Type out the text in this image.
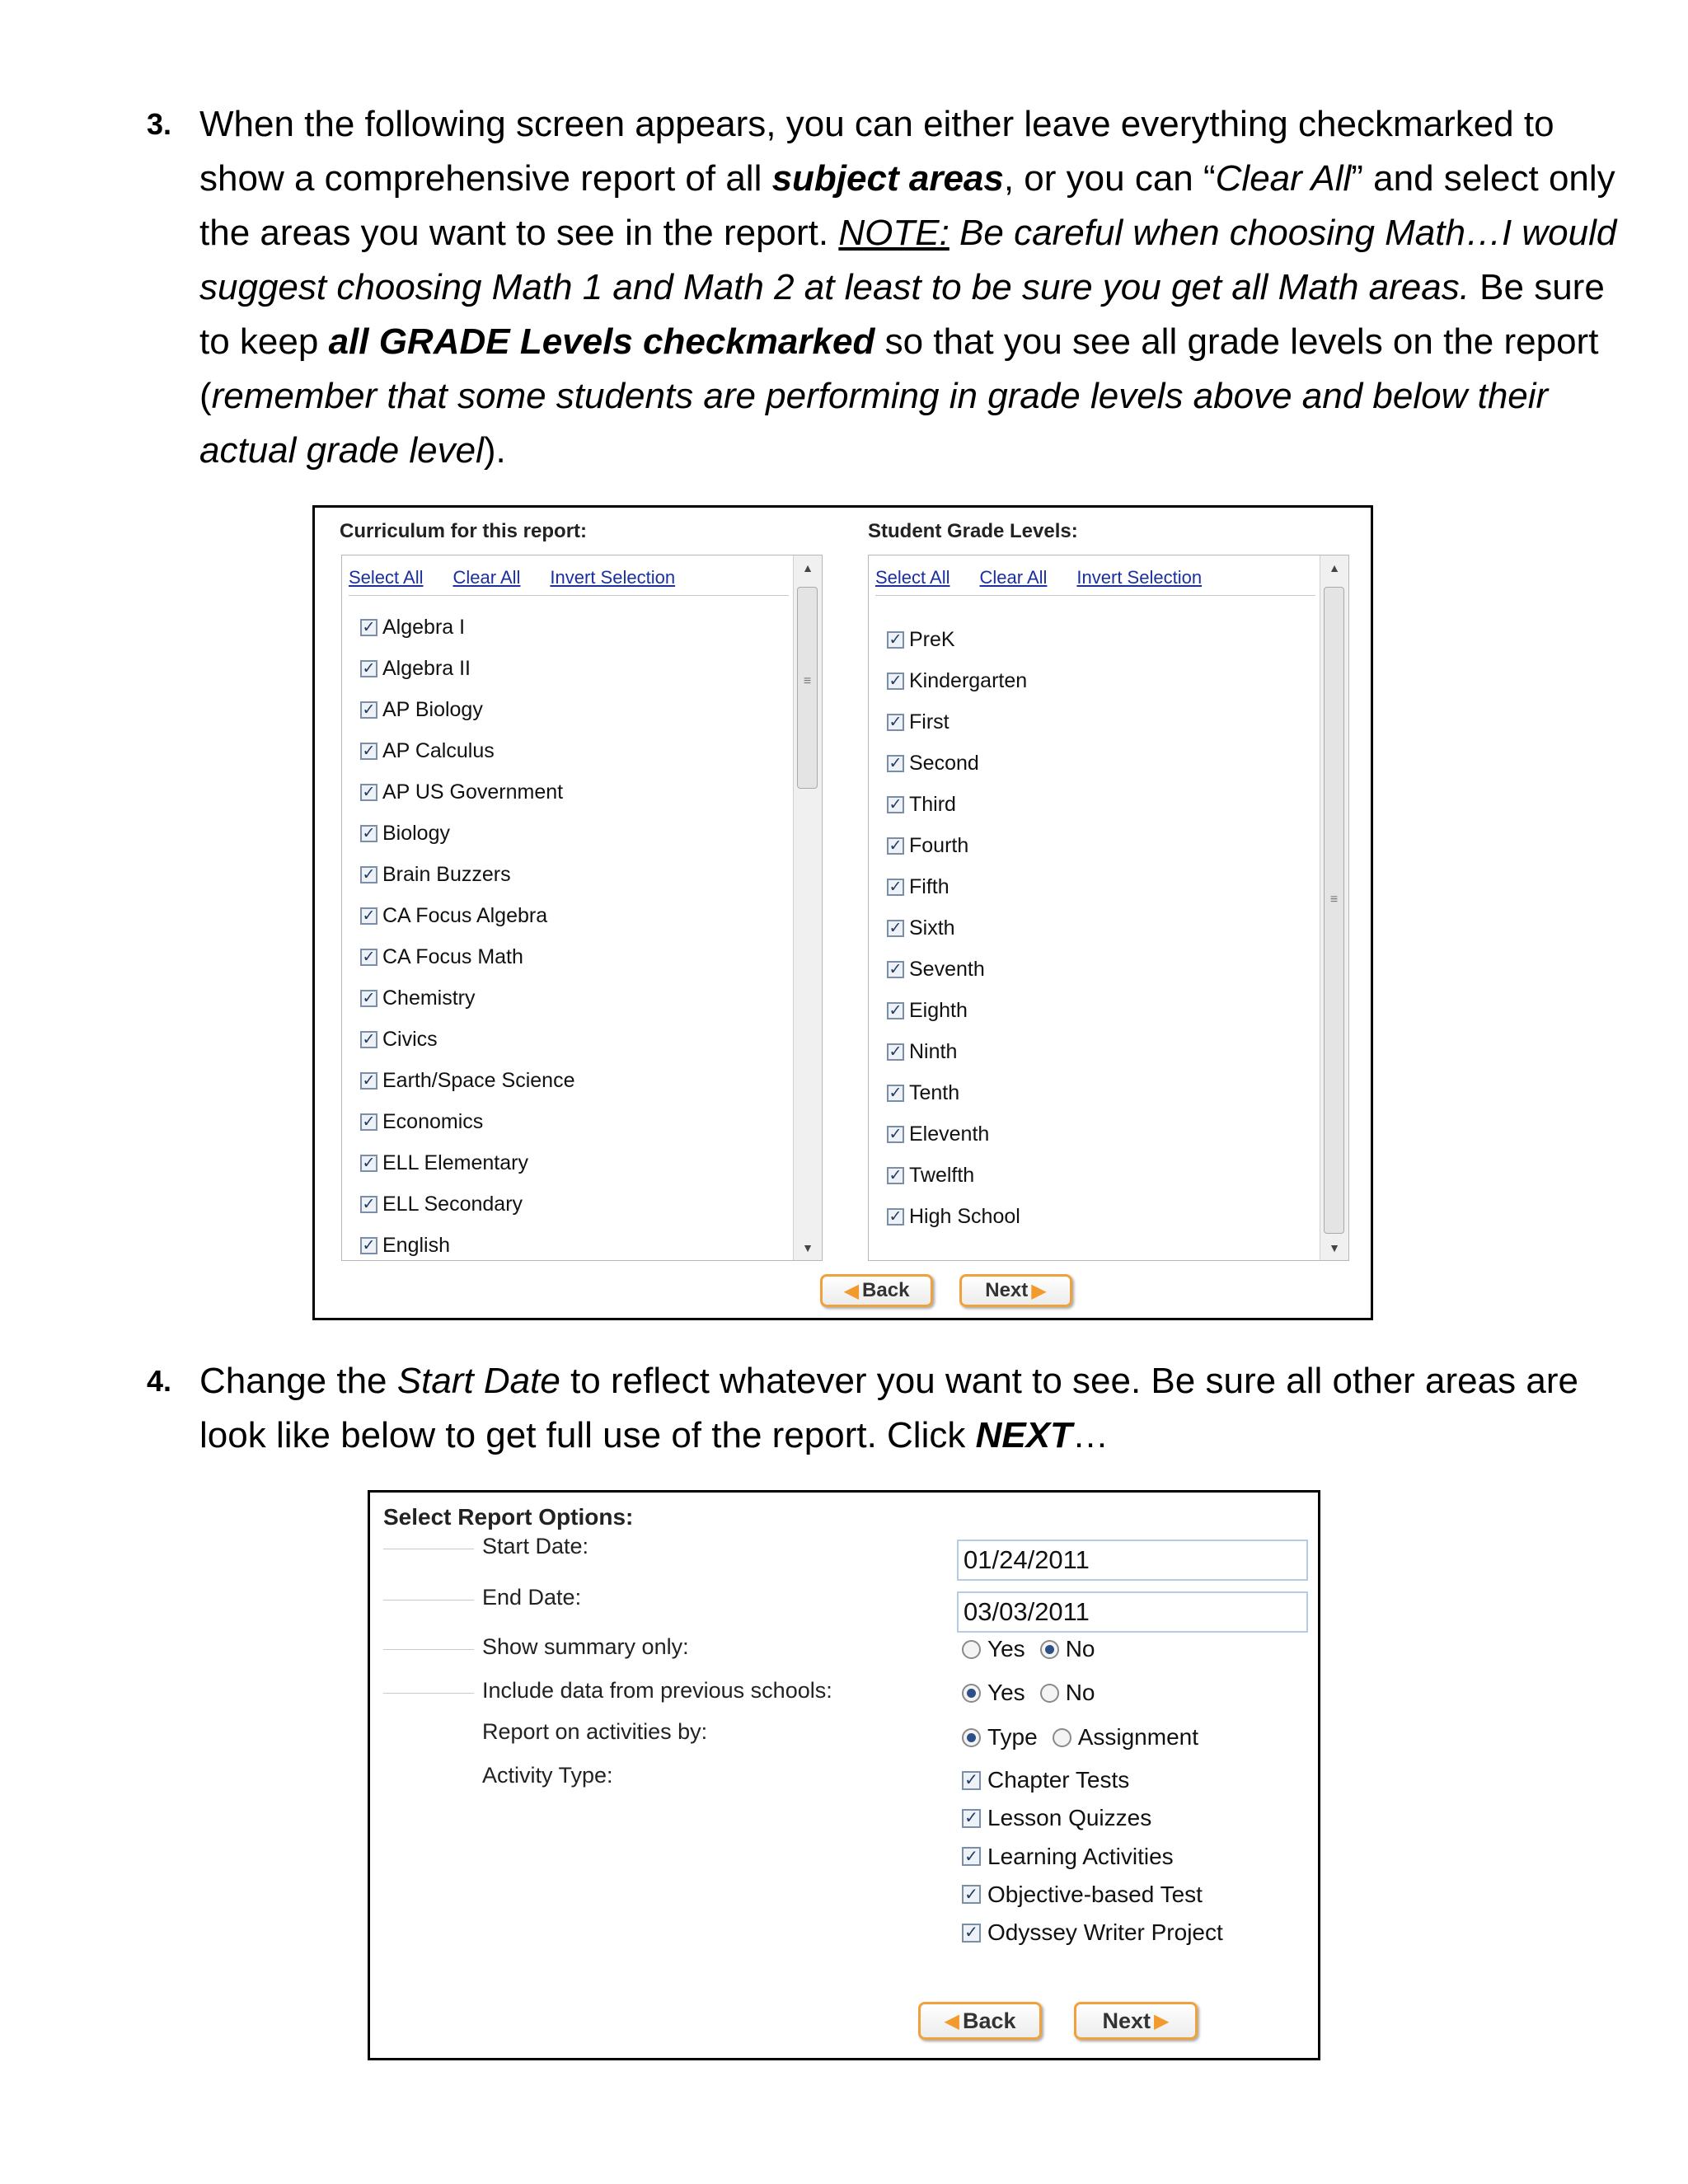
3. When the following screen appears, you can either leave everything checkmarked to
show a comprehensive report of all subject areas, or you can “Clear All” and select only
the areas you want to see in the report. NOTE: Be careful when choosing Math…I would
suggest choosing Math 1 and Math 2 at least to be sure you get all Math areas. Be sure
to keep all GRADE Levels checkmarked so that you see all grade levels on the report
(remember that some students are performing in grade levels above and below their
actual grade level).
Curriculum for this report:	Student Grade Levels:
Select All Clear All Invert Selection
✓ Algebra I
✓ Algebra II
✓ AP Biology
✓ AP Calculus
✓ AP US Government
✓ Biology
✓ Brain Buzzers
✓ CA Focus Algebra
✓ CA Focus Math
✓ Chemistry
✓ Civics
✓ Earth/Space Science
✓ Economics
✓ ELL Elementary
✓ ELL Secondary
✓ English
▲
≡
▼
Select All Clear All Invert Selection
✓ PreK
✓ Kindergarten
✓ First
✓ Second
✓ Third
✓ Fourth
✓ Fifth
✓ Sixth
✓ Seventh
✓ Eighth
✓ Ninth
✓ Tenth
✓ Eleventh
✓ Twelfth
✓ High School
▲
≡
▼
◀ Back	Next ▶
4. Change the Start Date to reflect whatever you want to see. Be sure all other areas are
look like below to get full use of the report. Click NEXT…

Select Report Options:
Start Date:	01/24/2011
End Date:	03/03/2011
Show summary only:	Yes No
Include data from previous schools:	Yes No
Report on activities by:	Type Assignment
Activity Type:	✓ Chapter Tests
✓ Lesson Quizzes
✓ Learning Activities
✓ Objective-based Test
✓ Odyssey Writer Project
◀ Back	Next ▶
